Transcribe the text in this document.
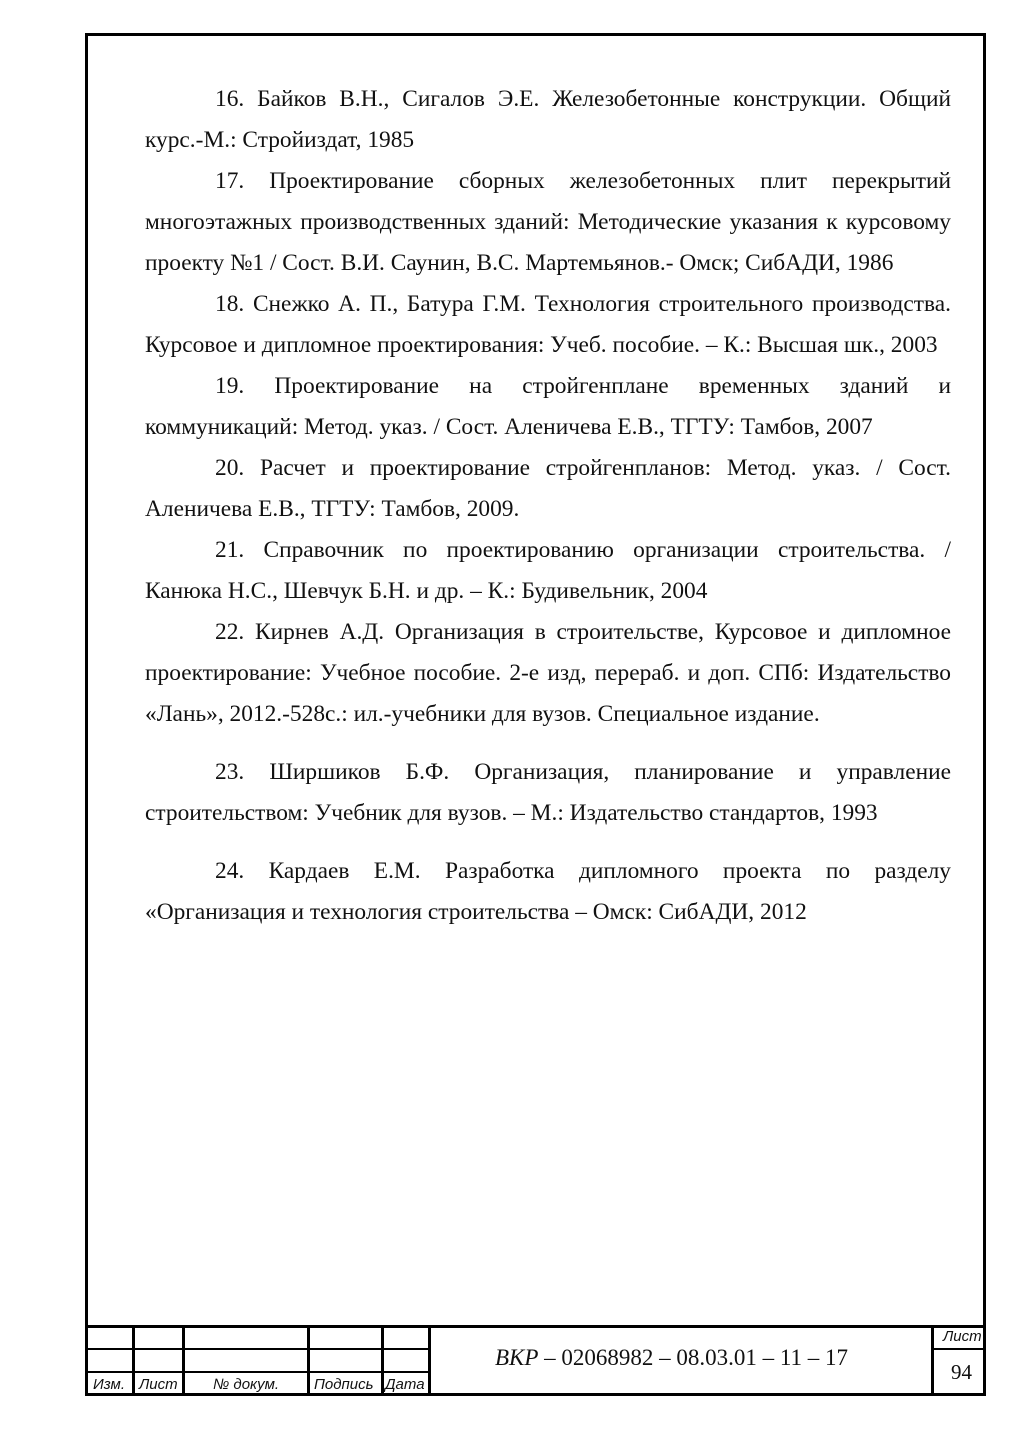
16. Байков В.Н., Сигалов Э.Е. Железобетонные конструкции. Общий курс.-М.: Стройиздат, 1985

17. Проектирование сборных железобетонных плит перекрытий многоэтажных производственных зданий: Методические указания к курсовому проекту №1 / Сост. В.И. Саунин, В.С. Мартемьянов.- Омск; СибАДИ, 1986

18. Снежко А. П., Батура Г.М. Технология строительного производства. Курсовое и дипломное проектирования: Учеб. пособие. – К.: Высшая шк., 2003

19. Проектирование на стройгенплане временных зданий и коммуникаций: Метод. указ. / Сост. Аленичева Е.В., ТГТУ: Тамбов, 2007

20. Расчет и проектирование стройгенпланов: Метод. указ. / Сост. Аленичева Е.В., ТГТУ: Тамбов, 2009.

21. Справочник по проектированию организации строительства. / Канюка Н.С., Шевчук Б.Н. и др. – К.: Будивельник, 2004

22. Кирнев А.Д. Организация в строительстве, Курсовое и дипломное проектирование: Учебное пособие. 2-е изд, перераб. и доп. СПб: Издательство «Лань», 2012.-528с.: ил.-учебники для вузов. Специальное издание.

23. Ширшиков Б.Ф. Организация, планирование и управление строительством: Учебник для вузов. – М.: Издательство стандартов, 1993

24. Кардаев Е.М. Разработка дипломного проекта по разделу «Организация и технология строительства – Омск: СибАДИ, 2012

Изм. Лист № докум. Подпись Дата
ВКР – 02068982 – 08.03.01 – 11 – 17
Лист
94
